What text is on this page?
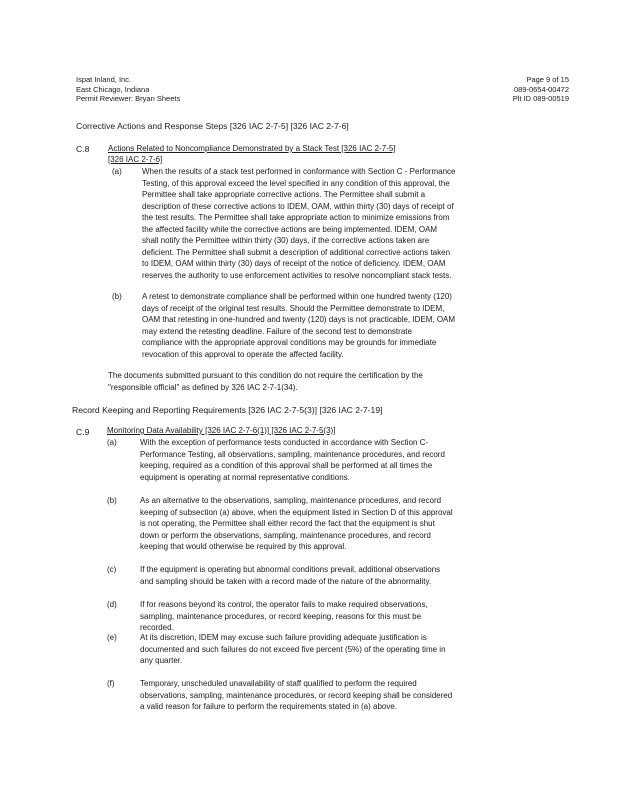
Ispat Inland, Inc.
East Chicago, Indiana
Permit Reviewer: Bryan Sheets
Page 9 of 15
089-0654-00472
Plt ID 089-00519
Corrective Actions and Response Steps [326 IAC 2-7-5] [326 IAC 2-7-6]
C.8 Actions Related to Noncompliance Demonstrated by a Stack Test [326 IAC 2-7-5]
[326 IAC 2-7-6]
(a)	When the results of a stack test performed in conformance with Section C - Performance
Testing, of this approval exceed the level specified in any condition of this approval, the
Permittee shall take appropriate corrective actions. The Permittee shall submit a
description of these corrective actions to IDEM, OAM, within thirty (30) days of receipt of
the test results. The Permittee shall take appropriate action to minimize emissions from
the affected facility while the corrective actions are being implemented. IDEM, OAM
shall notify the Permittee within thirty (30) days, if the corrective actions taken are
deficient. The Permittee shall submit a description of additional corrective actions taken
to IDEM, OAM within thirty (30) days of receipt of the notice of deficiency. IDEM, OAM
reserves the authority to use enforcement activities to resolve noncompliant stack tests.
(b)	A retest to demonstrate compliance shall be performed within one hundred twenty (120)
days of receipt of the original test results. Should the Permittee demonstrate to IDEM,
OAM that retesting in one-hundred and twenty (120) days is not practicable, IDEM, OAM
may extend the retesting deadline. Failure of the second test to demonstrate
compliance with the appropriate approval conditions may be grounds for immediate
revocation of this approval to operate the affected facility.
The documents submitted pursuant to this condition do not require the certification by the
"responsible official" as defined by 326 IAC 2-7-1(34).
Record Keeping and Reporting Requirements [326 IAC 2-7-5(3)] [326 IAC 2-7-19]
C.9 Monitoring Data Availability [326 IAC 2-7-6(1)] [326 IAC 2-7-5(3)]
(a)	With the exception of performance tests conducted in accordance with Section C-
Performance Testing, all observations, sampling, maintenance procedures, and record
keeping, required as a condition of this approval shall be performed at all times the
equipment is operating at normal representative conditions.
(b)	As an alternative to the observations, sampling, maintenance procedures, and record
keeping of subsection (a) above, when the equipment listed in Section D of this approval
is not operating, the Permittee shall either record the fact that the equipment is shut
down or perform the observations, sampling, maintenance procedures, and record
keeping that would otherwise be required by this approval.
(c)	If the equipment is operating but abnormal conditions prevail, additional observations
and sampling should be taken with a record made of the nature of the abnormality.
(d)	If for reasons beyond its control, the operator fails to make required observations,
sampling, maintenance procedures, or record keeping, reasons for this must be
recorded.
(e)	At its discretion, IDEM may excuse such failure providing adequate justification is
documented and such failures do not exceed five percent (5%) of the operating time in
any quarter.
(f)	Temporary, unscheduled unavailability of staff qualified to perform the required
observations, sampling, maintenance procedures, or record keeping shall be considered
a valid reason for failure to perform the requirements stated in (a) above.
